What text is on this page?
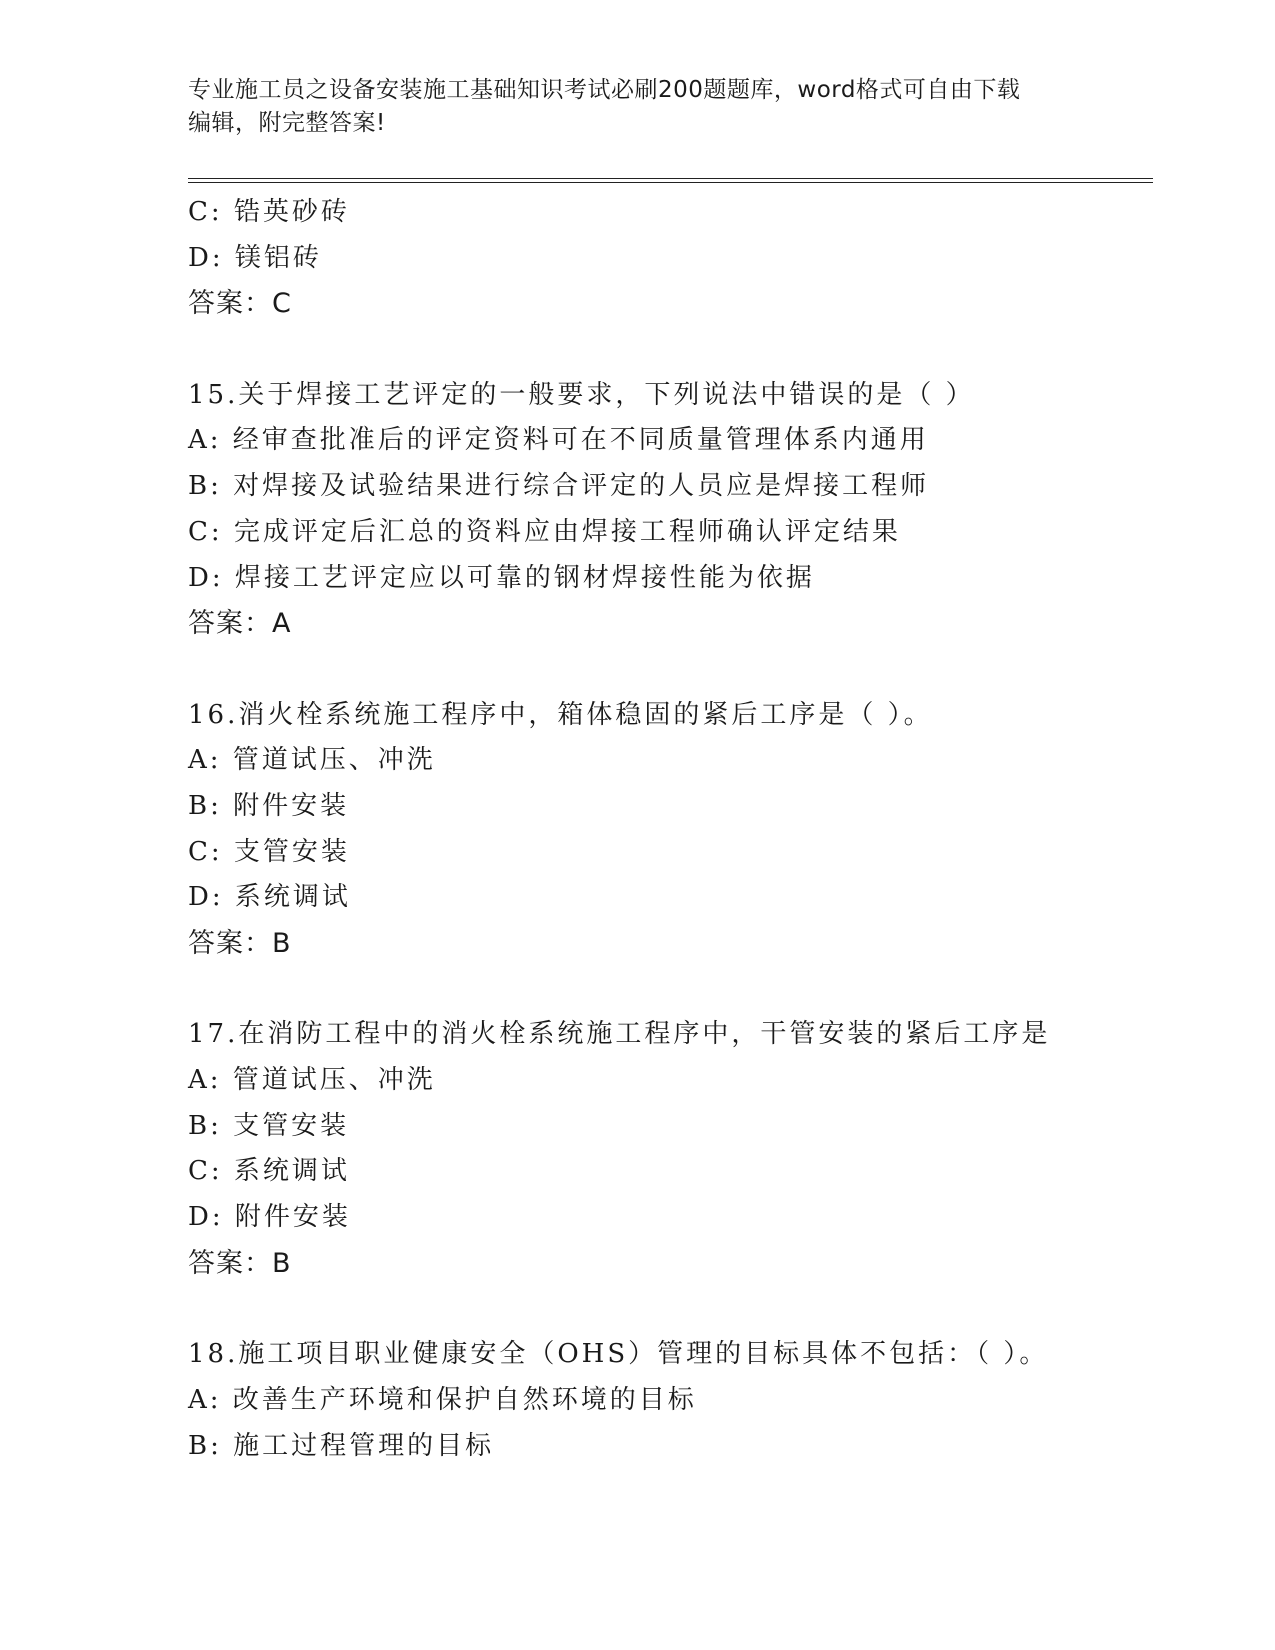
专业施工员之设备安装施工基础知识考试必刷200题题库，word格式可自由下载
编辑，附完整答案!
C: 锆英砂砖
D: 镁铝砖
答案：C
15.关于焊接工艺评定的一般要求，下列说法中错误的是（ ）
A: 经审查批准后的评定资料可在不同质量管理体系内通用
B: 对焊接及试验结果进行综合评定的人员应是焊接工程师
C: 完成评定后汇总的资料应由焊接工程师确认评定结果
D: 焊接工艺评定应以可靠的钢材焊接性能为依据
答案：A
16.消火栓系统施工程序中，箱体稳固的紧后工序是（ ）。
A: 管道试压、冲洗
B: 附件安装
C: 支管安装
D: 系统调试
答案：B
17.在消防工程中的消火栓系统施工程序中，干管安装的紧后工序是
A: 管道试压、冲洗
B: 支管安装
C: 系统调试
D: 附件安装
答案：B
18.施工项目职业健康安全（OHS）管理的目标具体不包括：（ ）。
A: 改善生产环境和保护自然环境的目标
B: 施工过程管理的目标
